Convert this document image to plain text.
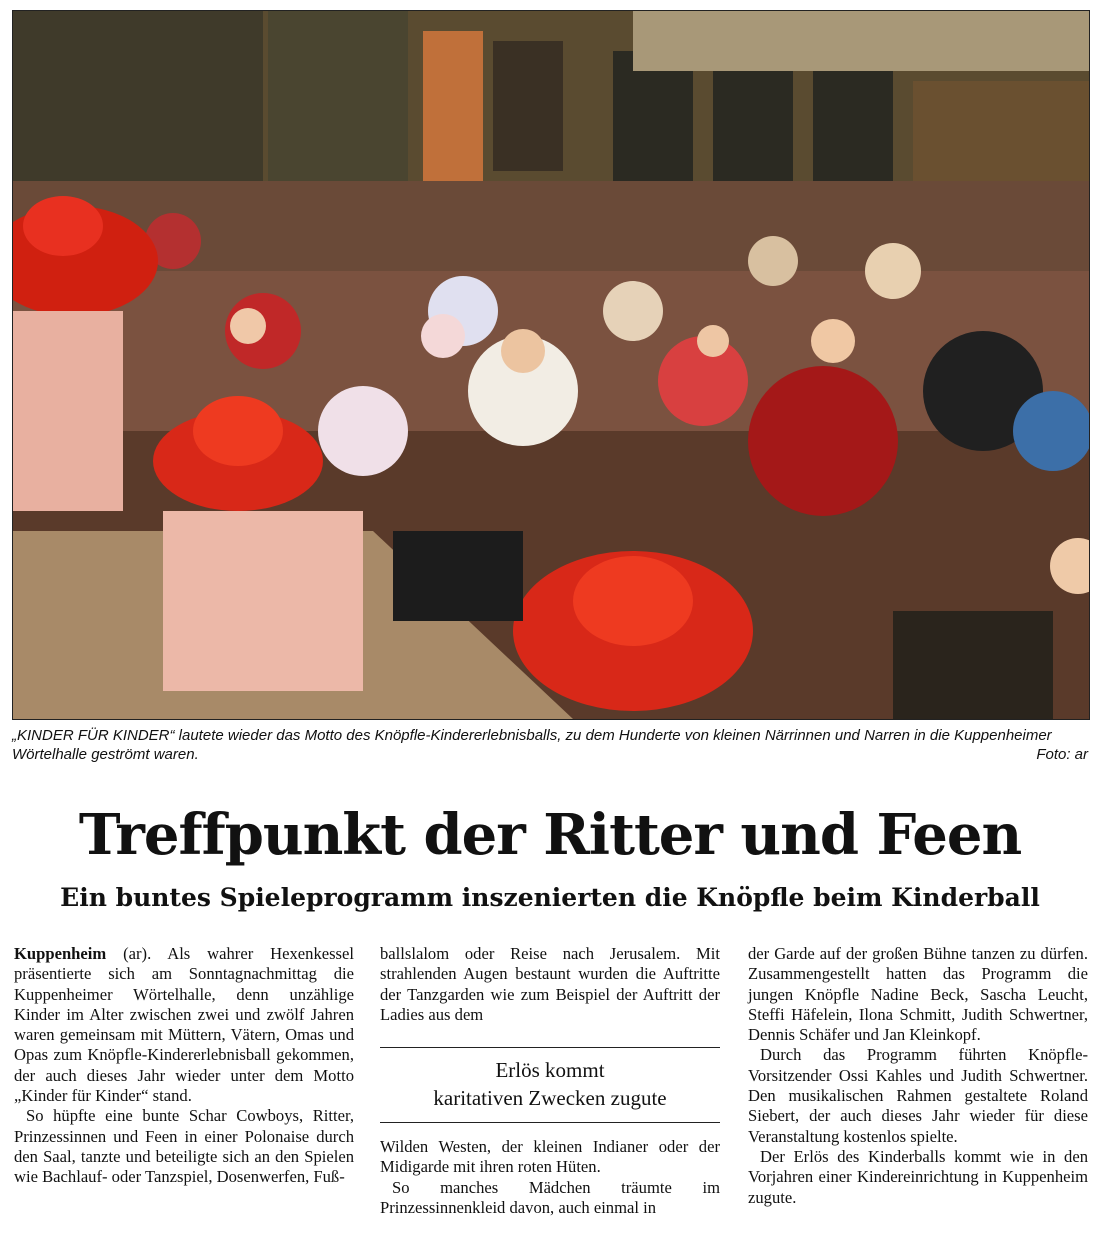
„KINDER FÜR KINDER“ lautete wieder das Motto des Knöpfle-Kindererlebnisballs, zu dem Hunderte von kleinen Närrinnen und Narren in die Kuppenheimer Wörtelhalle geströmt waren.	Foto: ar
Treffpunkt der Ritter und Feen
Ein buntes Spieleprogramm inszenierten die Knöpfle beim Kinderball

Kuppenheim (ar). Als wahrer Hexenkessel präsentierte sich am Sonntagnachmittag die Kuppenheimer Wörtelhalle, denn unzählige Kinder im Alter zwischen zwei und zwölf Jahren waren gemeinsam mit Müttern, Vätern, Omas und Opas zum Knöpfle-Kindererlebnisball gekommen, der auch dieses Jahr wieder unter dem Motto „Kinder für Kinder“ stand.

So hüpfte eine bunte Schar Cowboys, Ritter, Prinzessinnen und Feen in einer Polonaise durch den Saal, tanzte und beteiligte sich an den Spielen wie Bachlauf- oder Tanzspiel, Dosenwerfen, Fuß-

ballslalom oder Reise nach Jerusalem. Mit strahlenden Augen bestaunt wurden die Auftritte der Tanzgarden wie zum Beispiel der Auftritt der Ladies aus dem

Erlös kommt
karitativen Zwecken zugute

Wilden Westen, der kleinen Indianer oder der Midigarde mit ihren roten Hüten.

So manches Mädchen träumte im Prinzessinnenkleid davon, auch einmal in

der Garde auf der großen Bühne tanzen zu dürfen. Zusammengestellt hatten das Programm die jungen Knöpfle Nadine Beck, Sascha Leucht, Steffi Häfelein, Ilona Schmitt, Judith Schwertner, Dennis Schäfer und Jan Kleinkopf.

Durch das Programm führten Knöpfle-Vorsitzender Ossi Kahles und Judith Schwertner. Den musikalischen Rahmen gestaltete Roland Siebert, der auch dieses Jahr wieder für diese Veranstaltung kostenlos spielte.

Der Erlös des Kinderballs kommt wie in den Vorjahren einer Kindereinrichtung in Kuppenheim zugute.
